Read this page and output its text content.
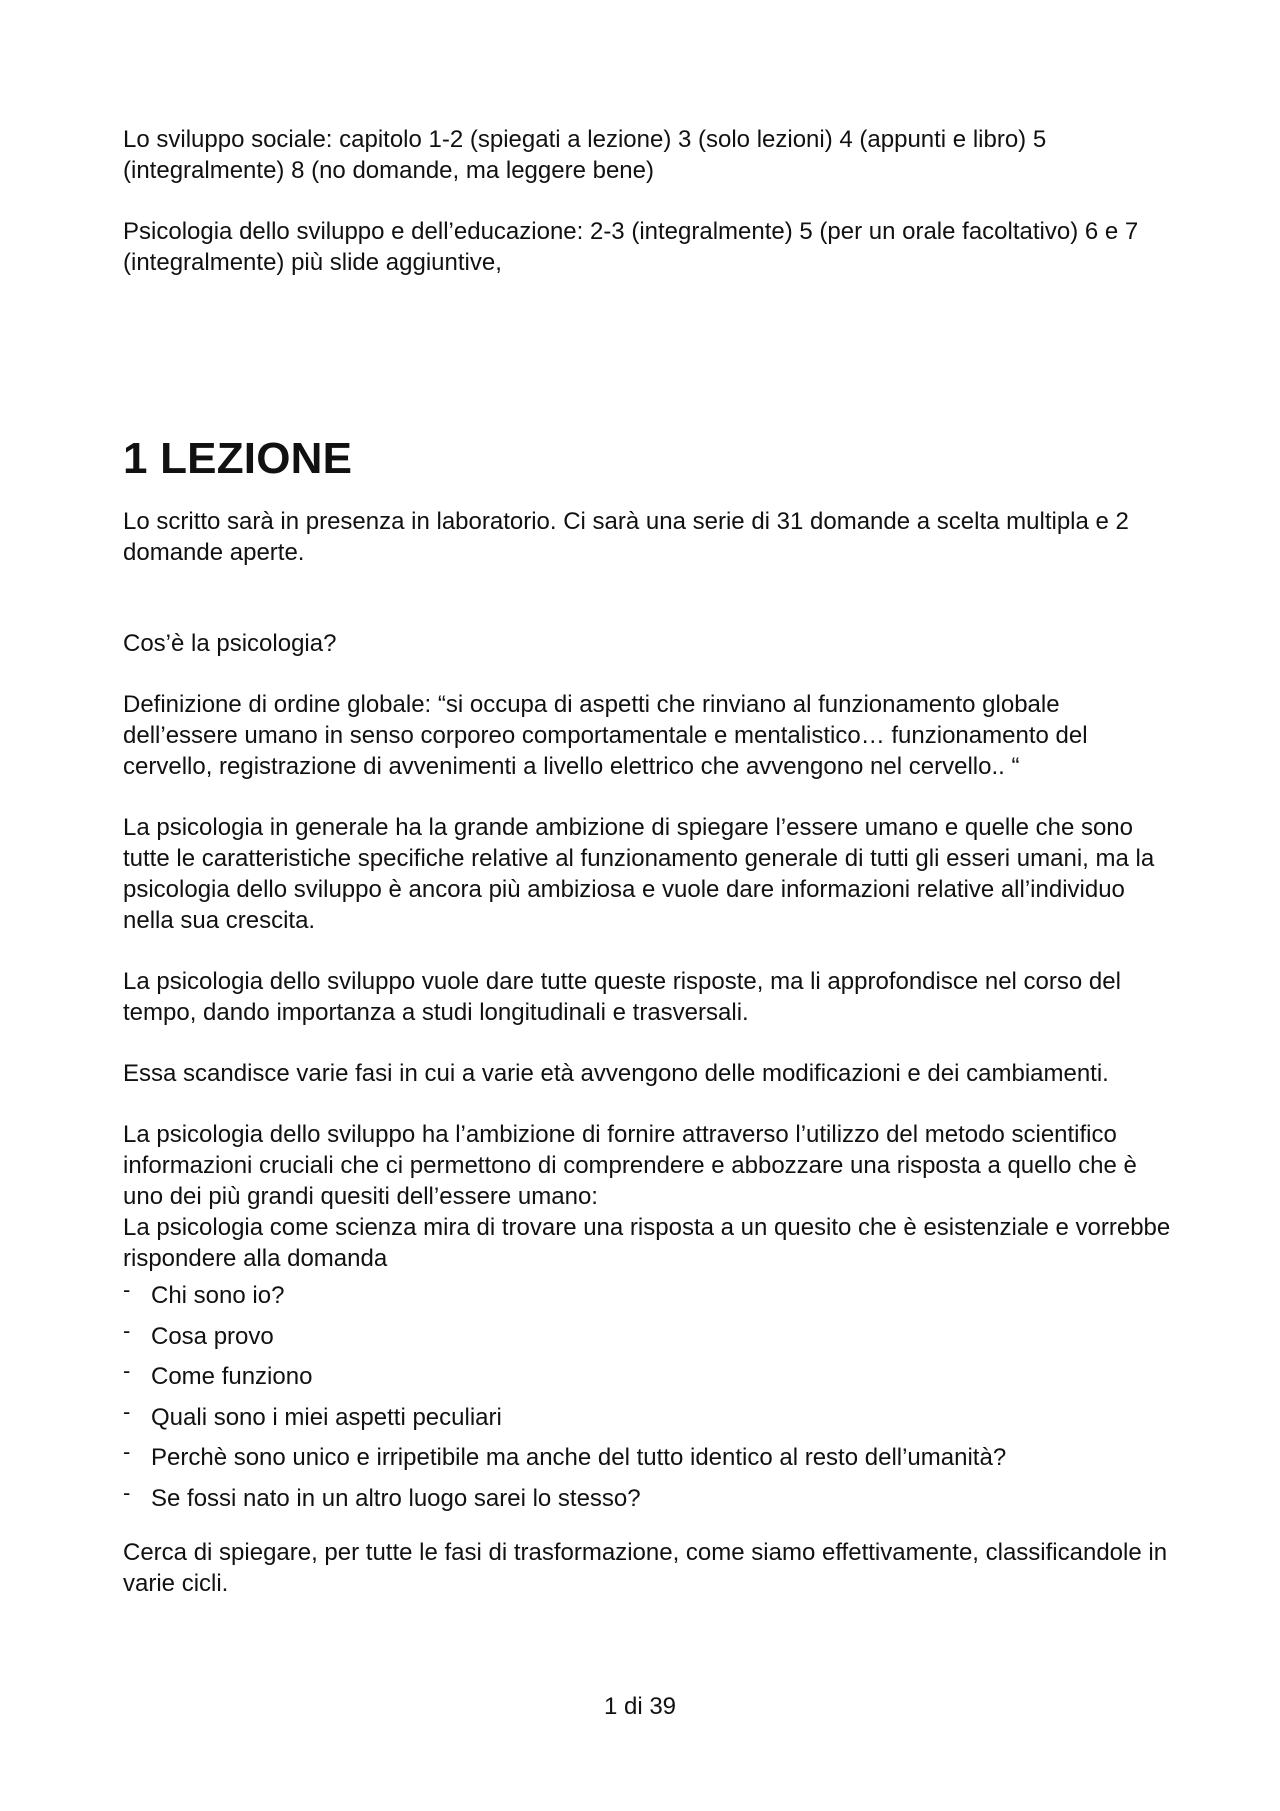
Lo sviluppo sociale: capitolo 1-2 (spiegati a lezione) 3 (solo lezioni) 4 (appunti e libro) 5 (integralmente) 8 (no domande, ma leggere bene)

Psicologia dello sviluppo e dell’educazione: 2-3 (integralmente) 5 (per un orale facoltativo) 6 e 7 (integralmente) più slide aggiuntive,

1 LEZIONE

Lo scritto sarà in presenza in laboratorio. Ci sarà una serie di 31 domande a scelta multipla e 2 domande aperte.

Cos’è la psicologia?

Definizione di ordine globale: “si occupa di aspetti che rinviano al funzionamento globale dell’essere umano in senso corporeo comportamentale e mentalistico… funzionamento del cervello, registrazione di avvenimenti a livello elettrico che avvengono nel cervello.. “

La psicologia in generale ha la grande ambizione di spiegare l’essere umano e quelle che sono tutte le caratteristiche specifiche relative al funzionamento generale di tutti gli esseri umani, ma la psicologia dello sviluppo è ancora più ambiziosa e vuole dare informazioni relative all’individuo nella sua crescita.

La psicologia dello sviluppo vuole dare tutte queste risposte, ma li approfondisce nel corso del tempo, dando importanza a studi longitudinali e trasversali.

Essa scandisce varie fasi in cui a varie età avvengono delle modificazioni e dei cambiamenti.

La psicologia dello sviluppo ha l’ambizione di fornire attraverso l’utilizzo del metodo scientifico informazioni cruciali che ci permettono di comprendere e abbozzare una risposta a quello che è uno dei più grandi quesiti dell’essere umano:

La psicologia come scienza mira di trovare una risposta a un quesito che è esistenziale e vorrebbe rispondere alla domanda

- Chi sono io?
- Cosa provo
- Come funziono
- Quali sono i miei aspetti peculiari
- Perchè sono unico e irripetibile ma anche del tutto identico al resto dell’umanità?
- Se fossi nato in un altro luogo sarei lo stesso?

Cerca di spiegare, per tutte le fasi di trasformazione, come siamo effettivamente, classificandole in varie cicli.

1 di 39
